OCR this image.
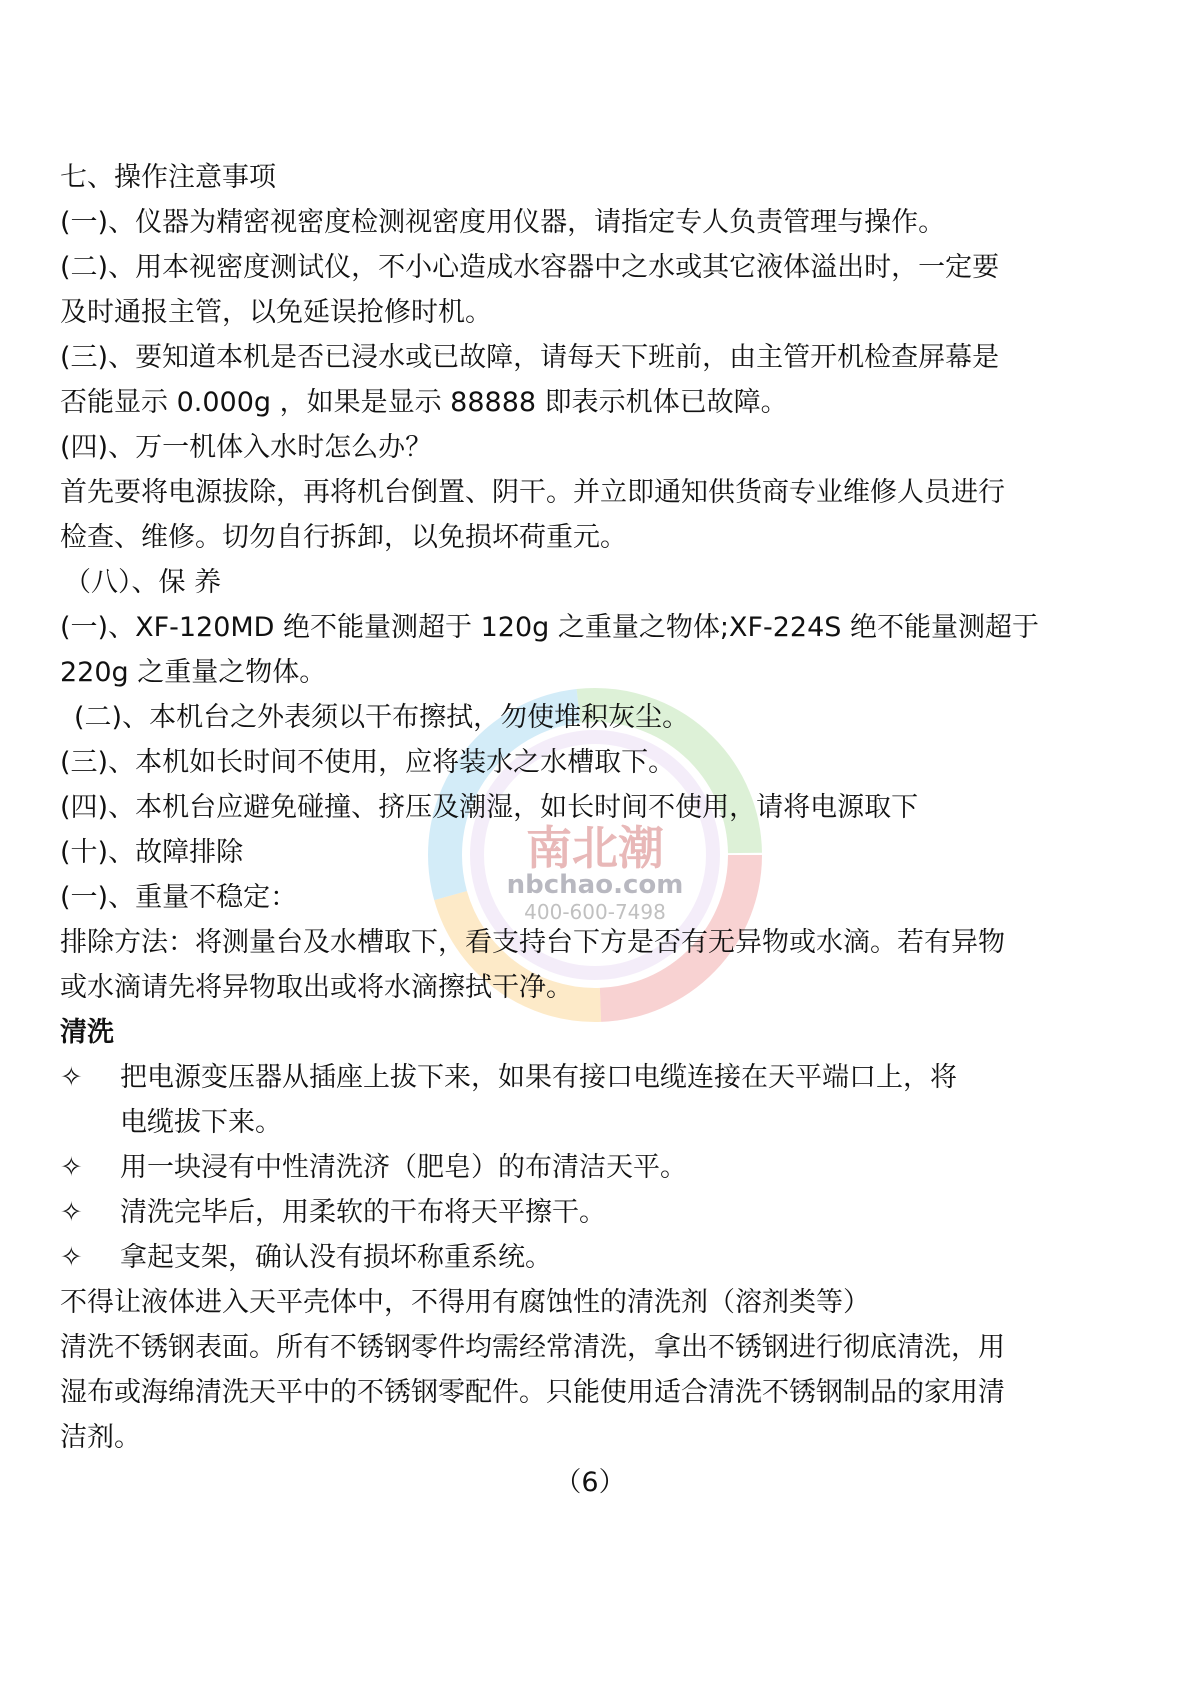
南北潮
nbchao.com
400-600-7498
七、操作注意事项
(一)、仪器为精密视密度检测视密度用仪器，请指定专人负责管理与操作。
(二)、用本视密度测试仪，不小心造成水容器中之水或其它液体溢出时，一定要
及时通报主管，以免延误抢修时机。
(三)、要知道本机是否已浸水或已故障，请每天下班前，由主管开机检查屏幕是
否能显示 0.000g ，如果是显示 88888 即表示机体已故障。
(四)、万一机体入水时怎么办？
首先要将电源拔除，再将机台倒置、阴干。并立即通知供货商专业维修人员进行
检查、维修。切勿自行拆卸，以免损坏荷重元。
（八）、保 养
(一)、XF-120MD 绝不能量测超于 120g 之重量之物体;XF-224S 绝不能量测超于
220g 之重量之物体。
(二)、本机台之外表须以干布擦拭，勿使堆积灰尘。
(三)、本机如长时间不使用，应将装水之水槽取下。
(四)、本机台应避免碰撞、挤压及潮湿，如长时间不使用，请将电源取下
(十)、故障排除
(一)、重量不稳定：
排除方法：将测量台及水槽取下，看支持台下方是否有无异物或水滴。若有异物
或水滴请先将异物取出或将水滴擦拭干净。
清洗
✧	把电源变压器从插座上拔下来，如果有接口电缆连接在天平端口上，将
电缆拔下来。
✧	用一块浸有中性清洗济（肥皂）的布清洁天平。
✧	清洗完毕后，用柔软的干布将天平擦干。
✧	拿起支架，确认没有损坏称重系统。
不得让液体进入天平壳体中，不得用有腐蚀性的清洗剂（溶剂类等）
清洗不锈钢表面。所有不锈钢零件均需经常清洗，拿出不锈钢进行彻底清洗，用
湿布或海绵清洗天平中的不锈钢零配件。只能使用适合清洗不锈钢制品的家用清
洁剂。
（6）
